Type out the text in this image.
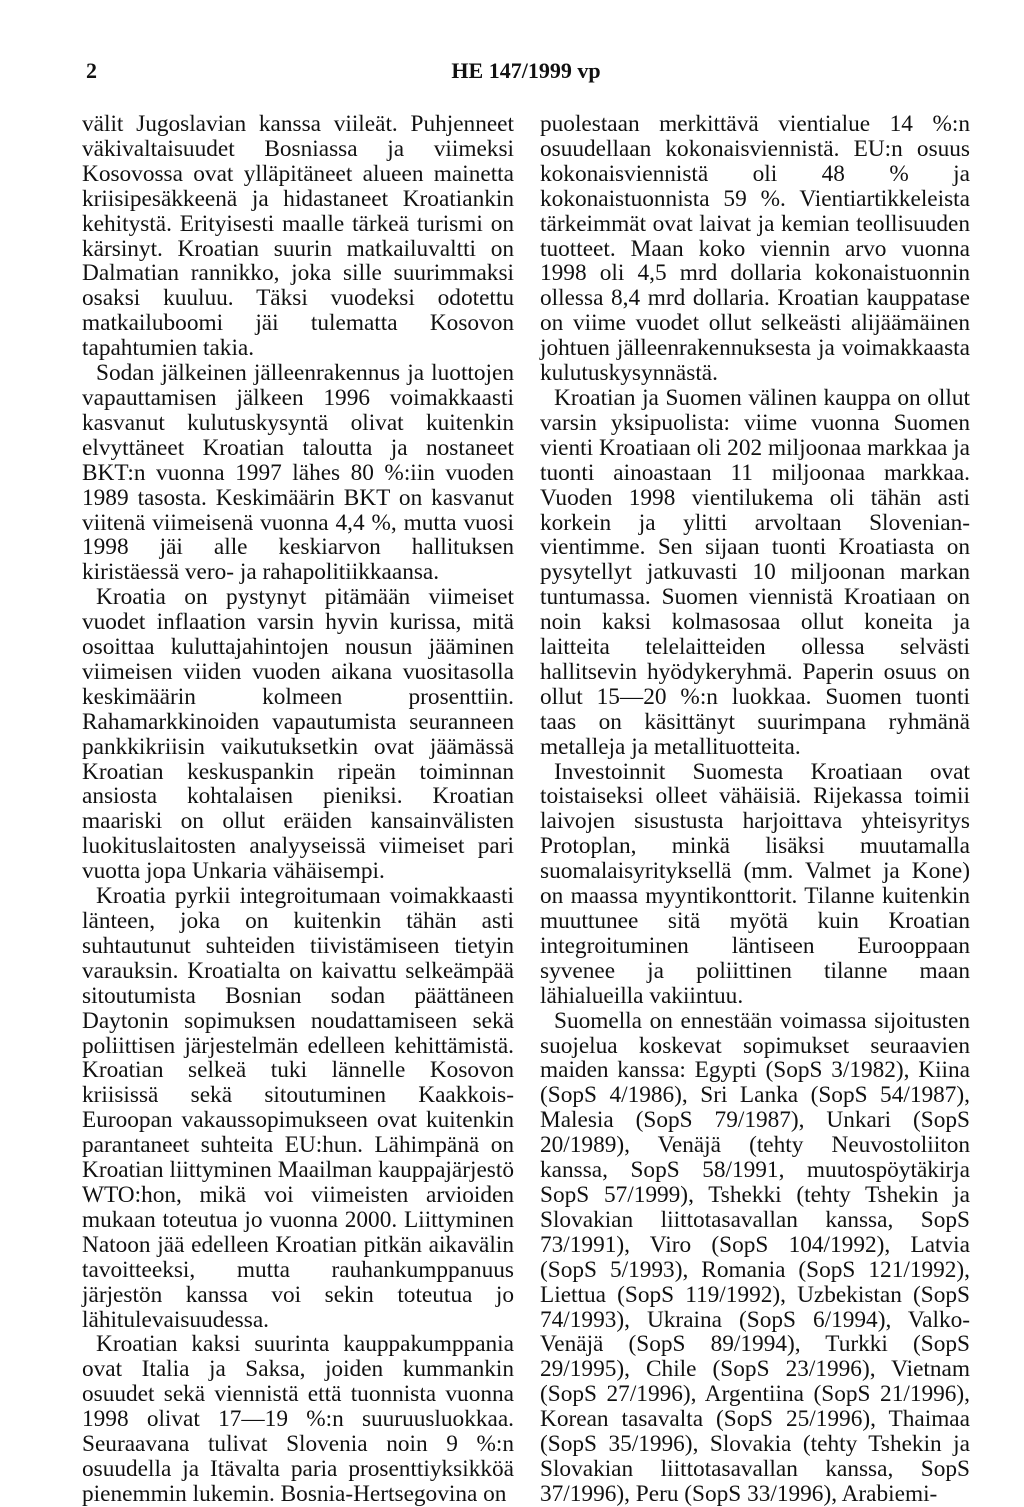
2	HE 147/1999 vp

välit Jugoslavian kanssa viileät. Puhjenneet väkivaltaisuudet Bosniassa ja viimeksi Kosovossa ovat ylläpitäneet alueen mainetta kriisipesäkkeenä ja hidastaneet Kroatiankin kehitystä. Erityisesti maalle tärkeä turismi on kärsinyt. Kroatian suurin matkailuvaltti on Dalmatian rannikko, joka sille suurimmaksi osaksi kuuluu. Täksi vuodeksi odotettu matkailuboomi jäi tulematta Kosovon tapahtumien takia.

Sodan jälkeinen jälleenrakennus ja luottojen vapauttamisen jälkeen 1996 voimakkaasti kasvanut kulutuskysyntä olivat kuitenkin elvyttäneet Kroatian taloutta ja nostaneet BKT:n vuonna 1997 lähes 80 %:iin vuoden 1989 tasosta. Keskimäärin BKT on kasvanut viitenä viimeisenä vuonna 4,4 %, mutta vuosi 1998 jäi alle keskiarvon hallituksen kiristäessä vero- ja rahapolitiikkaansa.

Kroatia on pystynyt pitämään viimeiset vuodet inflaation varsin hyvin kurissa, mitä osoittaa kuluttajahintojen nousun jääminen viimeisen viiden vuoden aikana vuositasolla keskimäärin kolmeen prosenttiin. Rahamarkkinoiden vapautumista seuranneen pankkikriisin vaikutuksetkin ovat jäämässä Kroatian keskuspankin ripeän toiminnan ansiosta kohtalaisen pieniksi. Kroatian maariski on ollut eräiden kansainvälisten luokituslaitosten analyyseissä viimeiset pari vuotta jopa Unkaria vähäisempi.

Kroatia pyrkii integroitumaan voimakkaasti länteen, joka on kuitenkin tähän asti suhtautunut suhteiden tiivistämiseen tietyin varauksin. Kroatialta on kaivattu selkeämpää sitoutumista Bosnian sodan päättäneen Daytonin sopimuksen noudattamiseen sekä poliittisen järjestelmän edelleen kehittämistä. Kroatian selkeä tuki lännelle Kosovon kriisissä sekä sitoutuminen Kaakkois-Euroopan vakaussopimukseen ovat kuitenkin parantaneet suhteita EU:hun. Lähimpänä on Kroatian liittyminen Maailman kauppajärjestö WTO:hon, mikä voi viimeisten arvioiden mukaan toteutua jo vuonna 2000. Liittyminen Natoon jää edelleen Kroatian pitkän aikavälin tavoitteeksi, mutta rauhankumppanuus järjestön kanssa voi sekin toteutua jo lähitulevaisuudessa.

Kroatian kaksi suurinta kauppakumppania ovat Italia ja Saksa, joiden kummankin osuudet sekä viennistä että tuonnista vuonna 1998 olivat 17—19 %:n suuruusluokkaa. Seuraavana tulivat Slovenia noin 9 %:n osuudella ja Itävalta paria prosenttiyksikköä pienemmin lukemin. Bosnia-Hertsegovina on

puolestaan merkittävä vientialue 14 %:n osuudellaan kokonaisviennistä. EU:n osuus kokonaisviennistä oli 48 % ja kokonaistuonnista 59 %. Vientiartikkeleista tärkeimmät ovat laivat ja kemian teollisuuden tuotteet. Maan koko viennin arvo vuonna 1998 oli 4,5 mrd dollaria kokonaistuonnin ollessa 8,4 mrd dollaria. Kroatian kauppatase on viime vuodet ollut selkeästi alijäämäinen johtuen jälleenrakennuksesta ja voimakkaasta kulutuskysynnästä.

Kroatian ja Suomen välinen kauppa on ollut varsin yksipuolista: viime vuonna Suomen vienti Kroatiaan oli 202 miljoonaa markkaa ja tuonti ainoastaan 11 miljoonaa markkaa. Vuoden 1998 vientilukema oli tähän asti korkein ja ylitti arvoltaan Slovenian-vientimme. Sen sijaan tuonti Kroatiasta on pysytellyt jatkuvasti 10 miljoonan markan tuntumassa. Suomen viennistä Kroatiaan on noin kaksi kolmasosaa ollut koneita ja laitteita telelaitteiden ollessa selvästi hallitsevin hyödykeryhmä. Paperin osuus on ollut 15—20 %:n luokkaa. Suomen tuonti taas on käsittänyt suurimpana ryhmänä metalleja ja metallituotteita.

Investoinnit Suomesta Kroatiaan ovat toistaiseksi olleet vähäisiä. Rijekassa toimii laivojen sisustusta harjoittava yhteisyritys Protoplan, minkä lisäksi muutamalla suomalaisyrityksellä (mm. Valmet ja Kone) on maassa myyntikonttorit. Tilanne kuitenkin muuttunee sitä myötä kuin Kroatian integroituminen läntiseen Eurooppaan syvenee ja poliittinen tilanne maan lähialueilla vakiintuu.

Suomella on ennestään voimassa sijoitusten suojelua koskevat sopimukset seuraavien maiden kanssa: Egypti (SopS 3/1982), Kiina (SopS 4/1986), Sri Lanka (SopS 54/1987), Malesia (SopS 79/1987), Unkari (SopS 20/1989), Venäjä (tehty Neuvostoliiton kanssa, SopS 58/1991, muutospöytäkirja SopS 57/1999), Tshekki (tehty Tshekin ja Slovakian liittotasavallan kanssa, SopS 73/1991), Viro (SopS 104/1992), Latvia (SopS 5/1993), Romania (SopS 121/1992), Liettua (SopS 119/1992), Uzbekistan (SopS 74/1993), Ukraina (SopS 6/1994), Valko-Venäjä (SopS 89/1994), Turkki (SopS 29/1995), Chile (SopS 23/1996), Vietnam (SopS 27/1996), Argentiina (SopS 21/1996), Korean tasavalta (SopS 25/1996), Thaimaa (SopS 35/1996), Slovakia (tehty Tshekin ja Slovakian liittotasavallan kanssa, SopS 37/1996), Peru (SopS 33/1996), Arabiemi-
